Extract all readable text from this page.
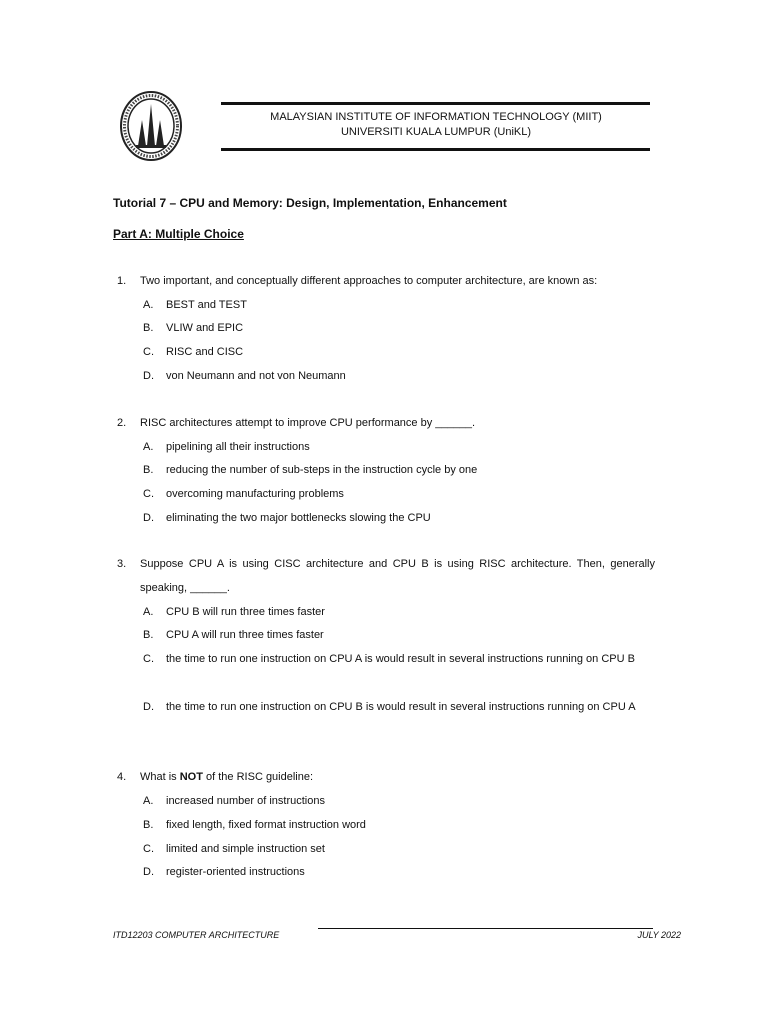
MALAYSIAN INSTITUTE OF INFORMATION TECHNOLOGY (MIIT)
UNIVERSITI KUALA LUMPUR (UniKL)
Tutorial 7 – CPU and Memory: Design, Implementation, Enhancement
Part A: Multiple Choice
1. Two important, and conceptually different approaches to computer architecture, are known as:
A. BEST and TEST
B. VLIW and EPIC
C. RISC and CISC
D. von Neumann and not von Neumann
2. RISC architectures attempt to improve CPU performance by ______.
A. pipelining all their instructions
B. reducing the number of sub-steps in the instruction cycle by one
C. overcoming manufacturing problems
D. eliminating the two major bottlenecks slowing the CPU
3. Suppose CPU A is using CISC architecture and CPU B is using RISC architecture. Then, generally speaking, ______.
A. CPU B will run three times faster
B. CPU A will run three times faster
C. the time to run one instruction on CPU A is would result in several instructions running on CPU B
D. the time to run one instruction on CPU B is would result in several instructions running on CPU A
4. What is NOT of the RISC guideline:
A. increased number of instructions
B. fixed length, fixed format instruction word
C. limited and simple instruction set
D. register-oriented instructions
ITD12203 COMPUTER ARCHITECTURE	JULY 2022
